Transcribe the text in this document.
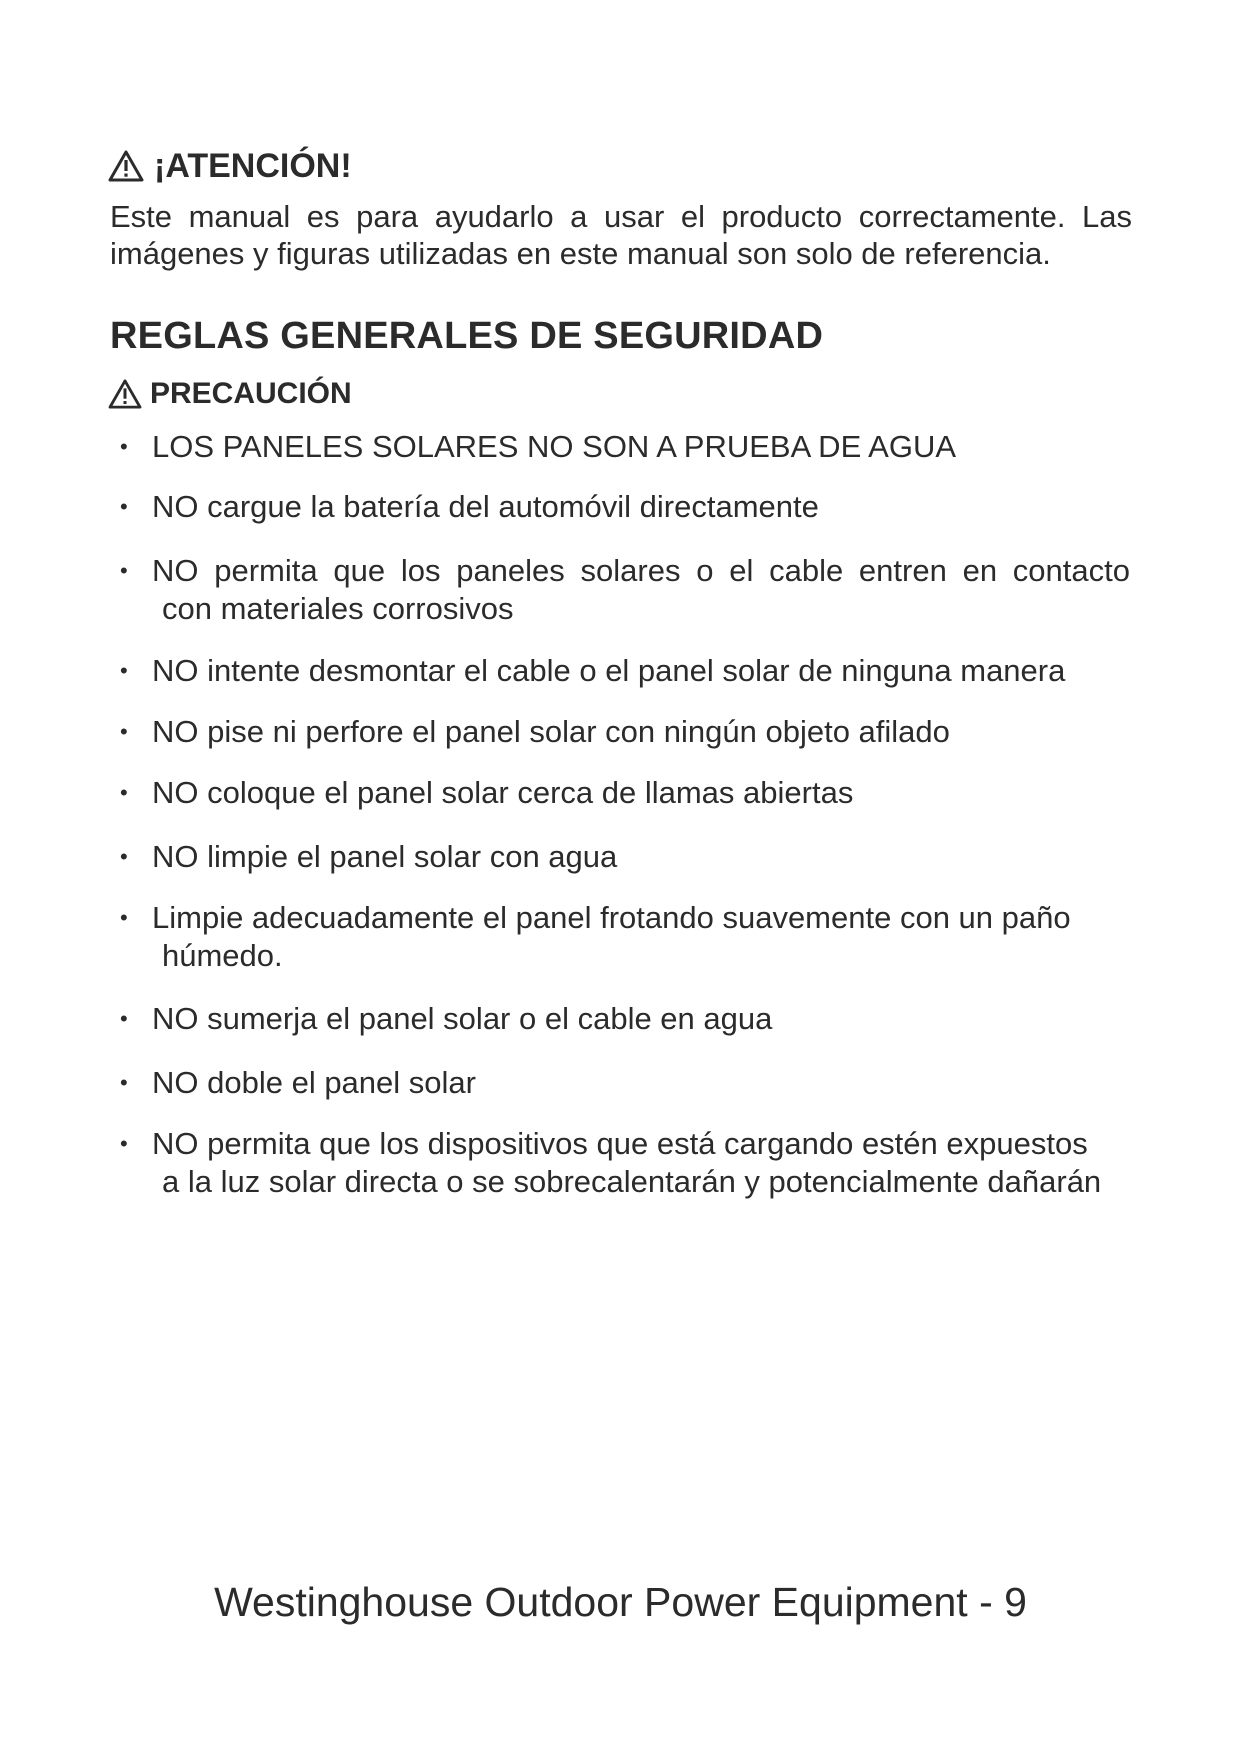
¡ATENCIÓN!

Este manual es para ayudarlo a usar el producto correctamente. Las imágenes y figuras utilizadas en este manual son solo de referencia.

REGLAS GENERALES DE SEGURIDAD
PRECAUCIÓN
• LOS PANELES SOLARES NO SON A PRUEBA DE AGUA
• NO cargue la batería del automóvil directamente
• NO permita que los paneles solares o el cable entren en contacto
con materiales corrosivos
• NO intente desmontar el cable o el panel solar de ninguna manera
• NO pise ni perfore el panel solar con ningún objeto afilado
• NO coloque el panel solar cerca de llamas abiertas
• NO limpie el panel solar con agua
• Limpie adecuadamente el panel frotando suavemente con un paño
húmedo.
• NO sumerja el panel solar o el cable en agua
• NO doble el panel solar
• NO permita que los dispositivos que está cargando estén expuestos
a la luz solar directa o se sobrecalentarán y potencialmente dañarán
Westinghouse Outdoor Power Equipment - 9
